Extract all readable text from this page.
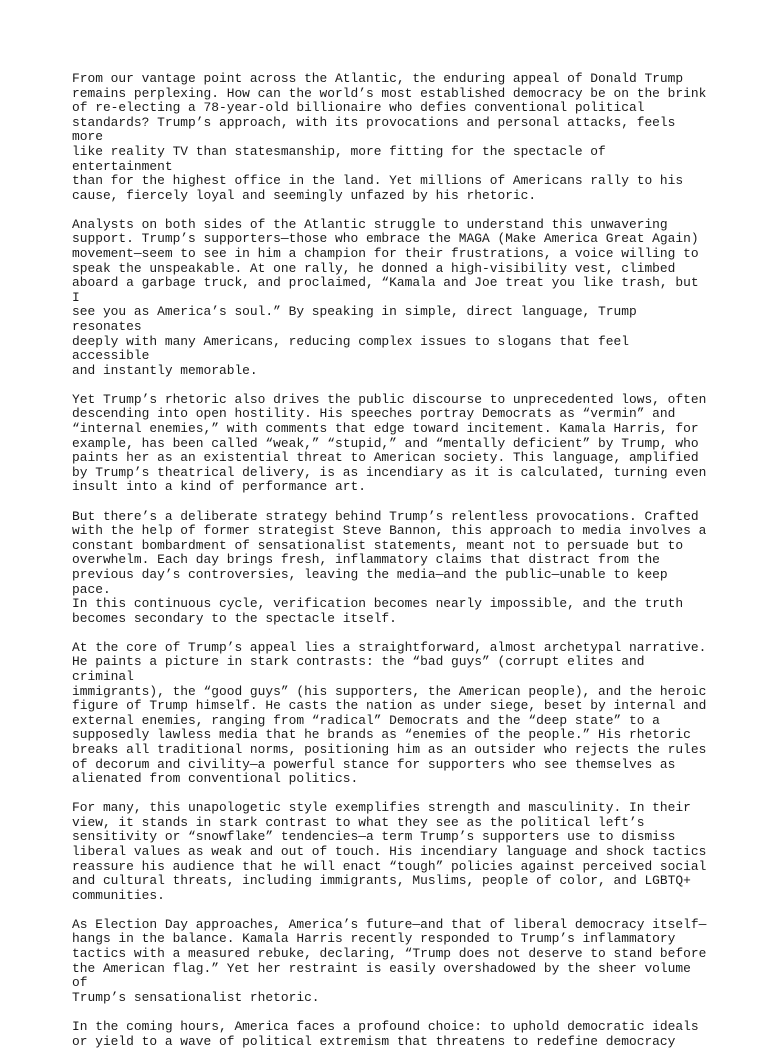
From our vantage point across the Atlantic, the enduring appeal of Donald Trump
remains perplexing. How can the world’s most established democracy be on the brink
of re-electing a 78-year-old billionaire who defies conventional political
standards? Trump’s approach, with its provocations and personal attacks, feels more
like reality TV than statesmanship, more fitting for the spectacle of entertainment
than for the highest office in the land. Yet millions of Americans rally to his
cause, fiercely loyal and seemingly unfazed by his rhetoric.

Analysts on both sides of the Atlantic struggle to understand this unwavering
support. Trump’s supporters—those who embrace the MAGA (Make America Great Again)
movement—seem to see in him a champion for their frustrations, a voice willing to
speak the unspeakable. At one rally, he donned a high-visibility vest, climbed
aboard a garbage truck, and proclaimed, “Kamala and Joe treat you like trash, but I
see you as America’s soul.” By speaking in simple, direct language, Trump resonates
deeply with many Americans, reducing complex issues to slogans that feel accessible
and instantly memorable.

Yet Trump’s rhetoric also drives the public discourse to unprecedented lows, often
descending into open hostility. His speeches portray Democrats as “vermin” and
“internal enemies,” with comments that edge toward incitement. Kamala Harris, for
example, has been called “weak,” “stupid,” and “mentally deficient” by Trump, who
paints her as an existential threat to American society. This language, amplified
by Trump’s theatrical delivery, is as incendiary as it is calculated, turning even
insult into a kind of performance art.

But there’s a deliberate strategy behind Trump’s relentless provocations. Crafted
with the help of former strategist Steve Bannon, this approach to media involves a
constant bombardment of sensationalist statements, meant not to persuade but to
overwhelm. Each day brings fresh, inflammatory claims that distract from the
previous day’s controversies, leaving the media—and the public—unable to keep pace.
In this continuous cycle, verification becomes nearly impossible, and the truth
becomes secondary to the spectacle itself.

At the core of Trump’s appeal lies a straightforward, almost archetypal narrative.
He paints a picture in stark contrasts: the “bad guys” (corrupt elites and criminal
immigrants), the “good guys” (his supporters, the American people), and the heroic
figure of Trump himself. He casts the nation as under siege, beset by internal and
external enemies, ranging from “radical” Democrats and the “deep state” to a
supposedly lawless media that he brands as “enemies of the people.” His rhetoric
breaks all traditional norms, positioning him as an outsider who rejects the rules
of decorum and civility—a powerful stance for supporters who see themselves as
alienated from conventional politics.

For many, this unapologetic style exemplifies strength and masculinity. In their
view, it stands in stark contrast to what they see as the political left’s
sensitivity or “snowflake” tendencies—a term Trump’s supporters use to dismiss
liberal values as weak and out of touch. His incendiary language and shock tactics
reassure his audience that he will enact “tough” policies against perceived social
and cultural threats, including immigrants, Muslims, people of color, and LGBTQ+
communities.

As Election Day approaches, America’s future—and that of liberal democracy itself—
hangs in the balance. Kamala Harris recently responded to Trump’s inflammatory
tactics with a measured rebuke, declaring, “Trump does not deserve to stand before
the American flag.” Yet her restraint is easily overshadowed by the sheer volume of
Trump’s sensationalist rhetoric.

In the coming hours, America faces a profound choice: to uphold democratic ideals
or yield to a wave of political extremism that threatens to redefine democracy
